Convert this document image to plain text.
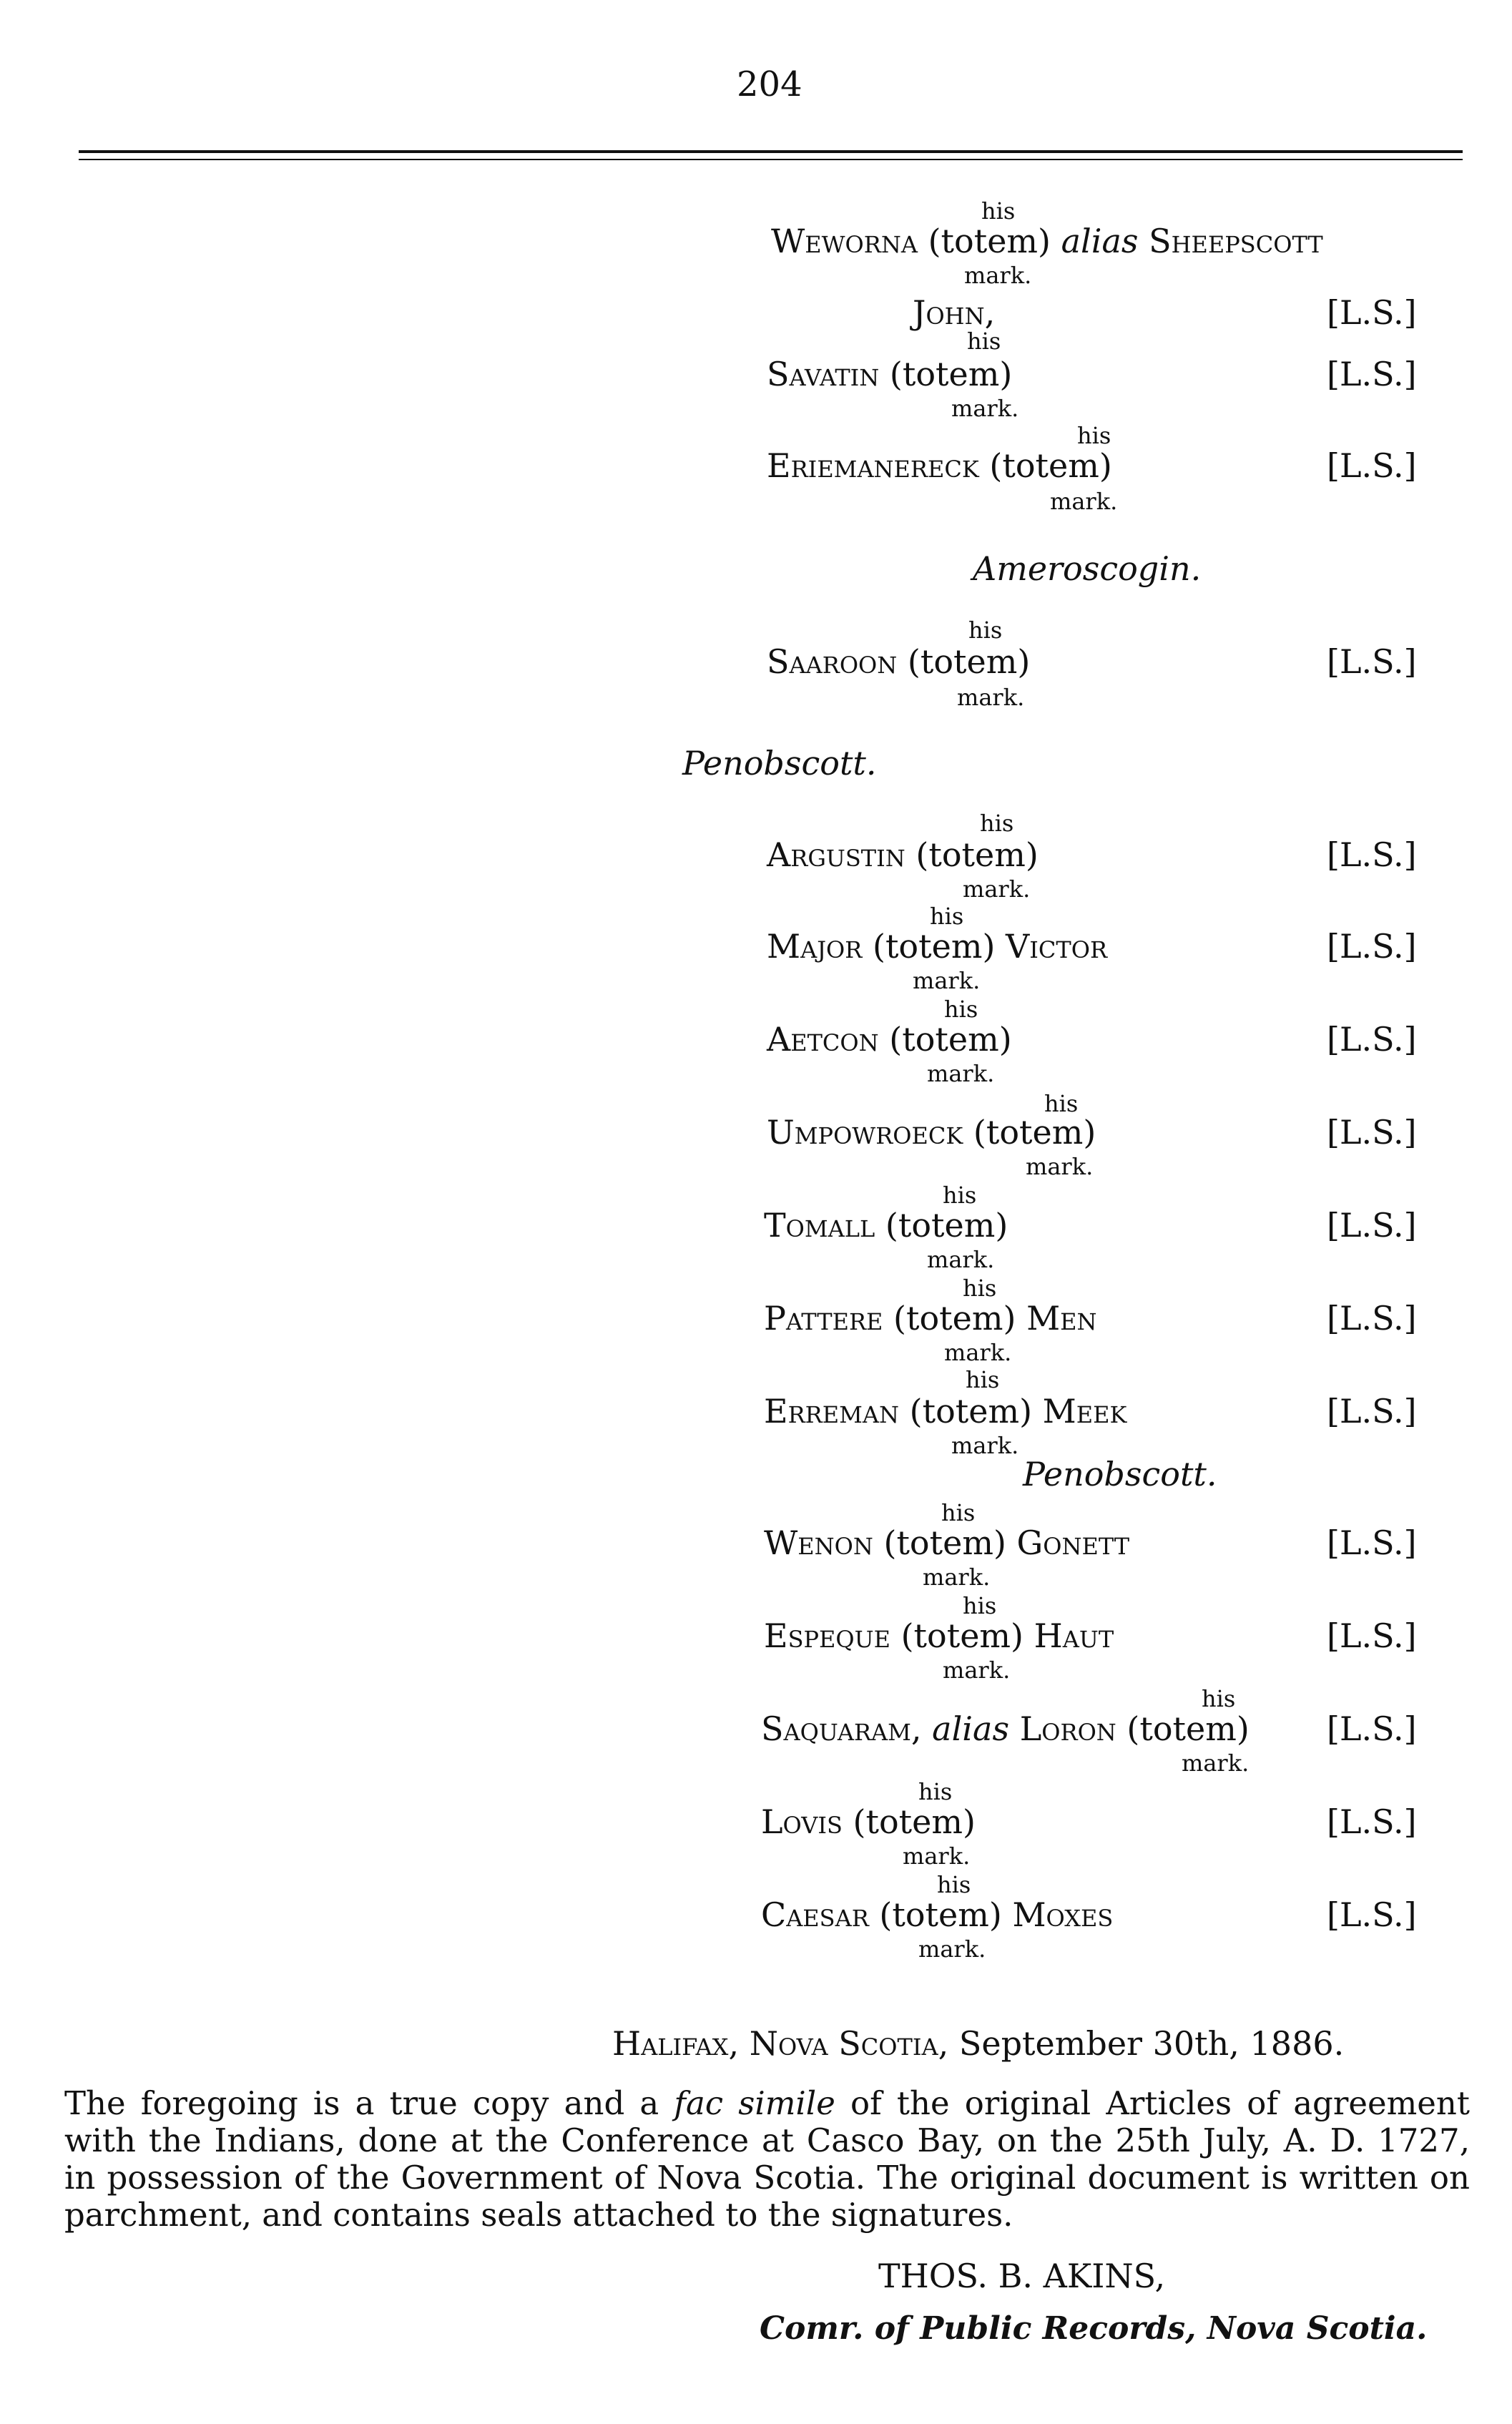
204
his
Weworna (totem) alias Sheepscott
mark.
John,	[L.S.]
his
Savatin (totem)	[L.S.]
mark.
his
Eriemanereck (totem)	[L.S.]
mark.
Ameroscogin.
his
Saaroon (totem)	[L.S.]
mark.
Penobscott.
his
Argustin (totem)	[L.S.]
mark.
his
Major (totem) Victor	[L.S.]
mark.
his
Aetcon (totem)	[L.S.]
mark.
his
Umpowroeck (totem)	[L.S.]
mark.
his
Tomall (totem)	[L.S.]
mark.
his
Pattere (totem) Men	[L.S.]
mark.
his
Erreman (totem) Meek	[L.S.]
mark.
Penobscott.
his
Wenon (totem) Gonett	[L.S.]
mark.
his
Espeque (totem) Haut	[L.S.]
mark.
his
Saquaram, alias Loron (totem) [L.S.]
mark.
his
Lovis (totem)	[L.S.]
mark.
his
Caesar (totem) Moxes	[L.S.]
mark.
Halifax, Nova Scotia, September 30th, 1886.
The foregoing is a true copy and a fac simile of the original Articles of agreement with the Indians, done at the Conference at Casco Bay, on the 25th July, A. D. 1727, in possession of the Government of Nova Scotia. The original document is written on parchment, and contains seals attached to the signatures.
THOS. B. AKINS,
Comr. of Public Records, Nova Scotia.
